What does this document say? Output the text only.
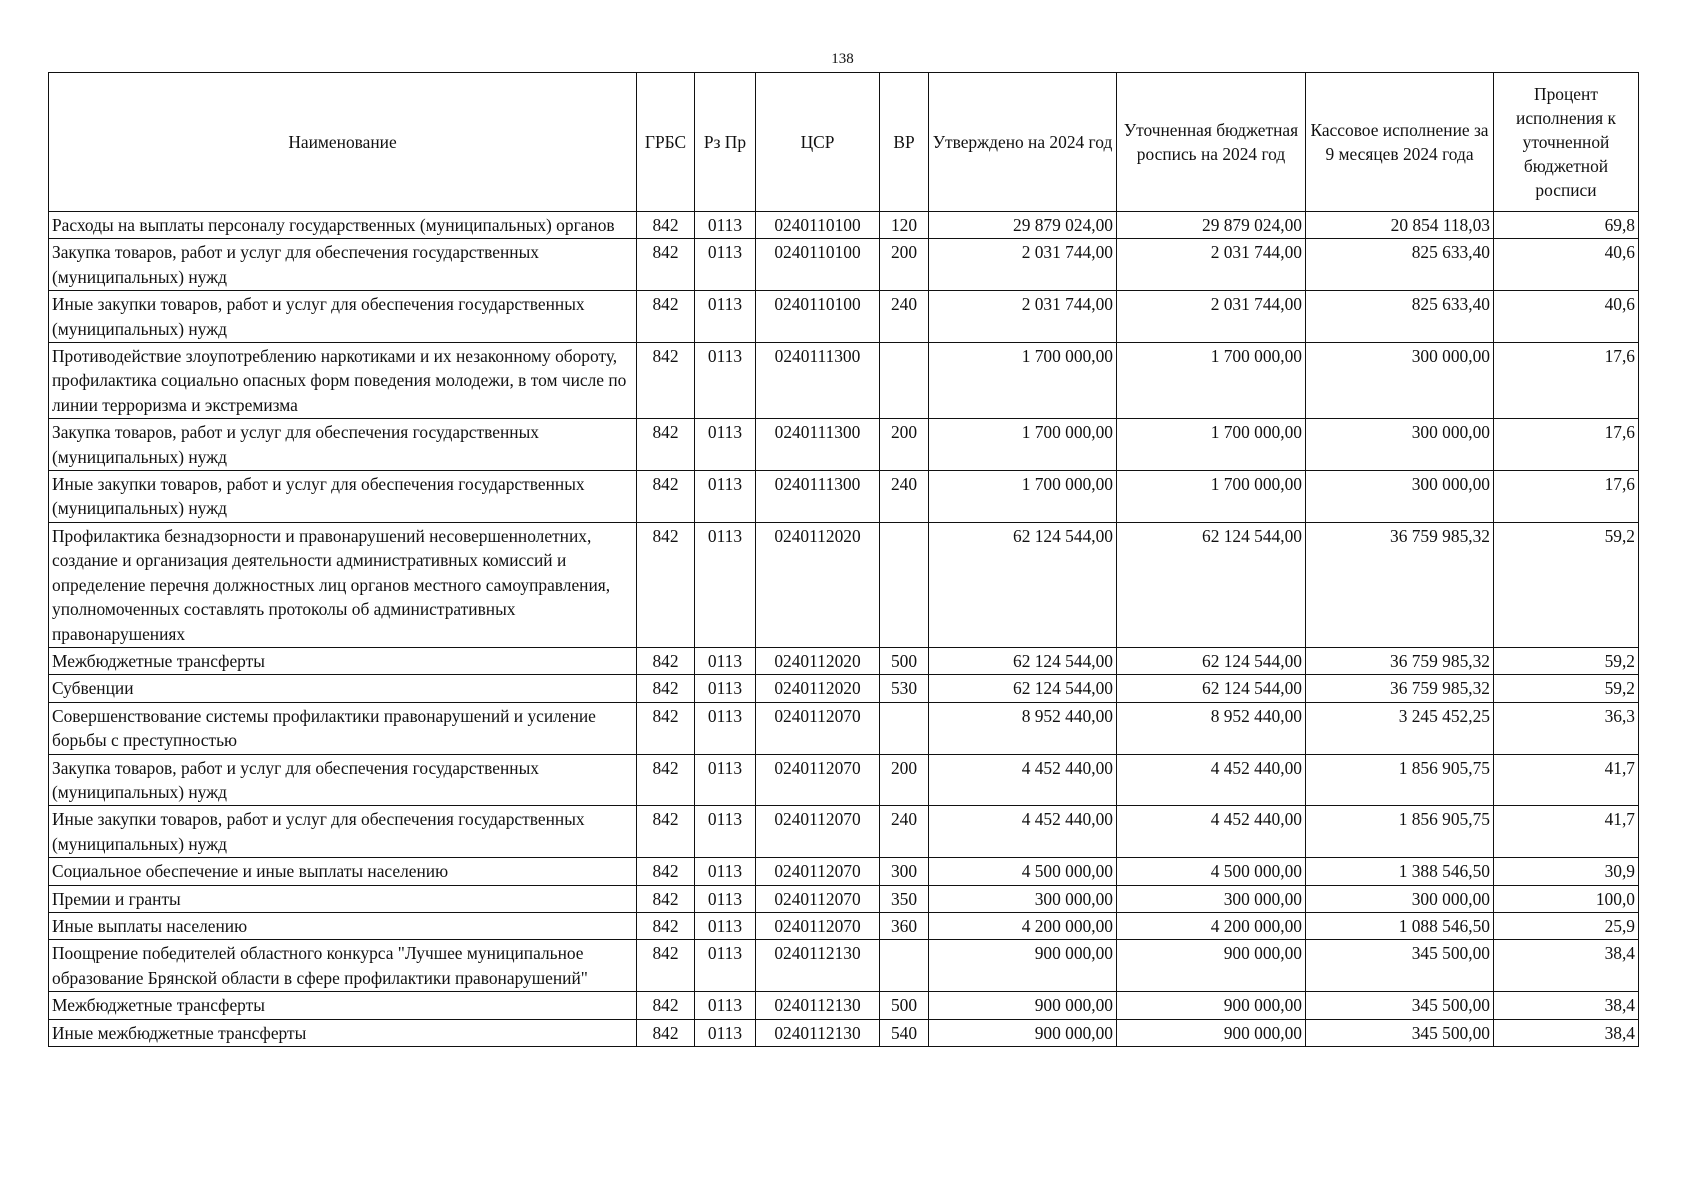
138
Наименование	ГРБС	Рз Пр	ЦСР	ВР	Утверждено на 2024 год	Уточненная бюджетная роспись на 2024 год	Кассовое исполнение за 9 месяцев 2024 года	Процент исполнения к уточненной бюджетной росписи
Расходы на выплаты персоналу государственных (муниципальных) органов	842	0113	0240110100	120	29 879 024,00	29 879 024,00	20 854 118,03	69,8
Закупка товаров, работ и услуг для обеспечения государственных (муниципальных) нужд	842	0113	0240110100	200	2 031 744,00	2 031 744,00	825 633,40	40,6
Иные закупки товаров, работ и услуг для обеспечения государственных (муниципальных) нужд	842	0113	0240110100	240	2 031 744,00	2 031 744,00	825 633,40	40,6
Противодействие злоупотреблению наркотиками и их незаконному обороту, профилактика социально опасных форм поведения молодежи, в том числе по линии терроризма и экстремизма	842	0113	0240111300		1 700 000,00	1 700 000,00	300 000,00	17,6
Закупка товаров, работ и услуг для обеспечения государственных (муниципальных) нужд	842	0113	0240111300	200	1 700 000,00	1 700 000,00	300 000,00	17,6
Иные закупки товаров, работ и услуг для обеспечения государственных (муниципальных) нужд	842	0113	0240111300	240	1 700 000,00	1 700 000,00	300 000,00	17,6
Профилактика безнадзорности и правонарушений несовершеннолетних, создание и организация деятельности административных комиссий и определение перечня должностных лиц органов местного самоуправления, уполномоченных составлять протоколы об административных правонарушениях	842	0113	0240112020		62 124 544,00	62 124 544,00	36 759 985,32	59,2
Межбюджетные трансферты	842	0113	0240112020	500	62 124 544,00	62 124 544,00	36 759 985,32	59,2
Субвенции	842	0113	0240112020	530	62 124 544,00	62 124 544,00	36 759 985,32	59,2
Совершенствование системы профилактики правонарушений и усиление борьбы с преступностью	842	0113	0240112070		8 952 440,00	8 952 440,00	3 245 452,25	36,3
Закупка товаров, работ и услуг для обеспечения государственных (муниципальных) нужд	842	0113	0240112070	200	4 452 440,00	4 452 440,00	1 856 905,75	41,7
Иные закупки товаров, работ и услуг для обеспечения государственных (муниципальных) нужд	842	0113	0240112070	240	4 452 440,00	4 452 440,00	1 856 905,75	41,7
Социальное обеспечение и иные выплаты населению	842	0113	0240112070	300	4 500 000,00	4 500 000,00	1 388 546,50	30,9
Премии и гранты	842	0113	0240112070	350	300 000,00	300 000,00	300 000,00	100,0
Иные выплаты населению	842	0113	0240112070	360	4 200 000,00	4 200 000,00	1 088 546,50	25,9
Поощрение победителей областного конкурса "Лучшее муниципальное образование Брянской области в сфере профилактики правонарушений"	842	0113	0240112130		900 000,00	900 000,00	345 500,00	38,4
Межбюджетные трансферты	842	0113	0240112130	500	900 000,00	900 000,00	345 500,00	38,4
Иные межбюджетные трансферты	842	0113	0240112130	540	900 000,00	900 000,00	345 500,00	38,4
